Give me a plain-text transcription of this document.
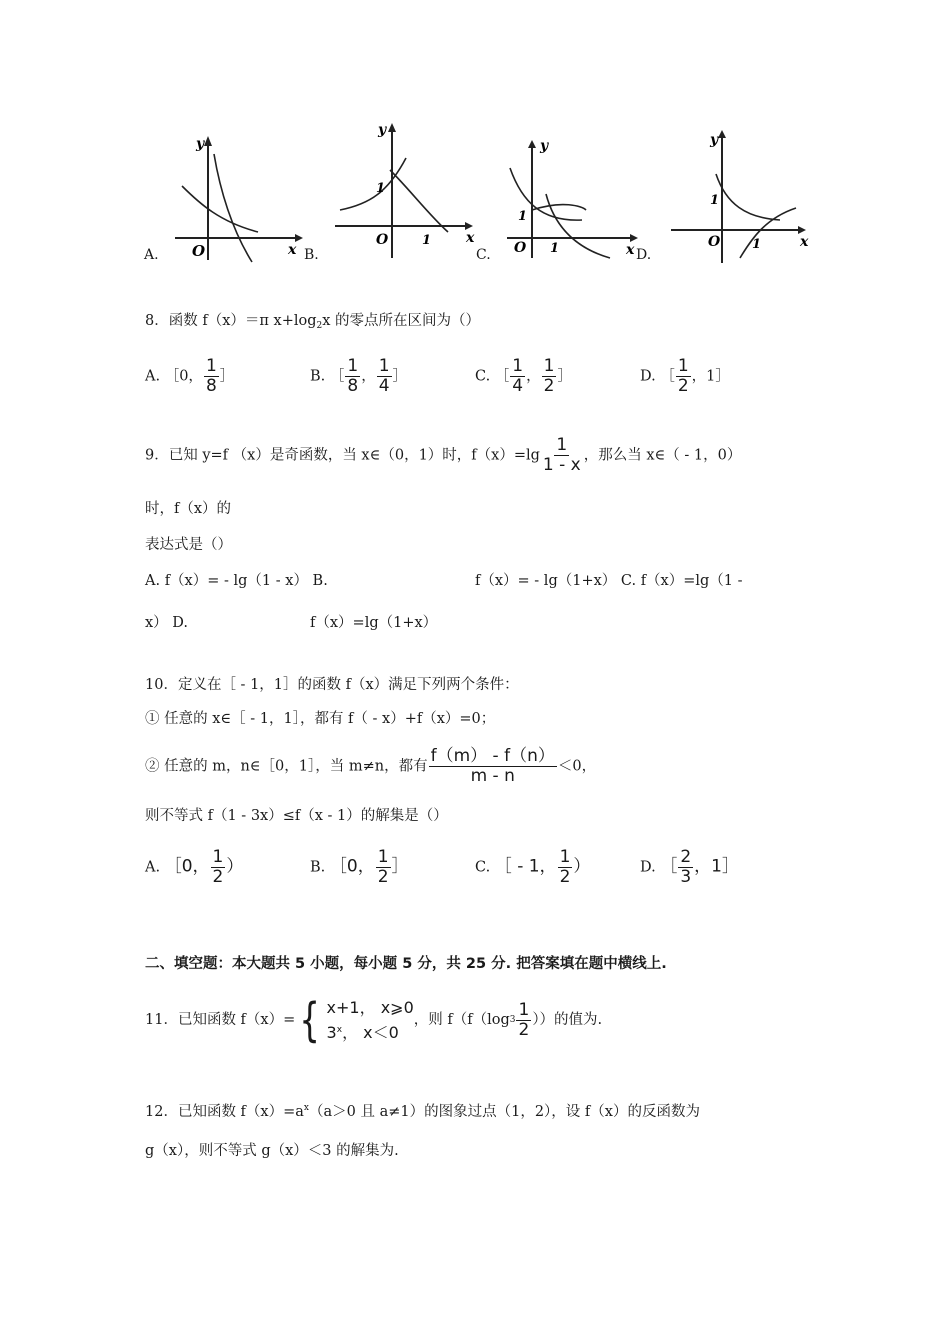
A.
y
x
O	B.
y
x
1
O	1
C.
y
x
1
O 1	D.
y
x
1
O 1
8．函数 f（x）＝π $x+\log_2x$ 的零点所在区间为（）
A. ［0， $\frac{1}{8}$ ］	B. ［ $\frac{1}{8}$ ， $\frac{1}{4}$ ］	C. ［ $\frac{1}{4}$ ， $\frac{1}{2}$ ］	D. ［ $\frac{1}{2}$ ，1］
9．已知 y=f （x）是奇函数，当 x∈（0，1）时，$f(x)=\lg \frac{1}{1 - x}$ ，那么当 x∈（ - 1，0）
时，f（x）的
表达式是（）
A. f（x）= - lg（1 - x） B.	f（x）= - lg（1+x） C. f（x）=lg（1 -
x） D.	f（x）=lg（1+x）
10．定义在［ - 1，1］的函数 f（x）满足下列两个条件：
① 任意的 x∈［ - 1，1］，都有 f（ - x）+f（x）=0；
② 任意的 m，n∈［0，1］，当 m≠n，都有 $\frac{f(m) - f(n)}{m - n} <0$，
则不等式 f（1 - 3x）≤f（x - 1）的解集是（）
A. ［0， $\frac{1}{2}$ ）	B. ［0， $\frac{1}{2}$ ］	C. ［ - 1， $\frac{1}{2}$ ）	D. ［ $\frac{2}{3}$ ，1］
二、填空题：本大题共 5 小题，每小题 5 分，共 25 分. 把答案填在题中横线上.
11．已知函数 f（x）= { x+1， x⩾0
3$^x$， x＜0
，则 f（f（log $3 \frac{1}{2}$ ））的值为.
12．已知函数 $f(x)=a^x(a>0$ 且 a≠1）的图象过点（1，2），设 f（x）的反函数为
g（x），则不等式 g（x）＜3 的解集为.
